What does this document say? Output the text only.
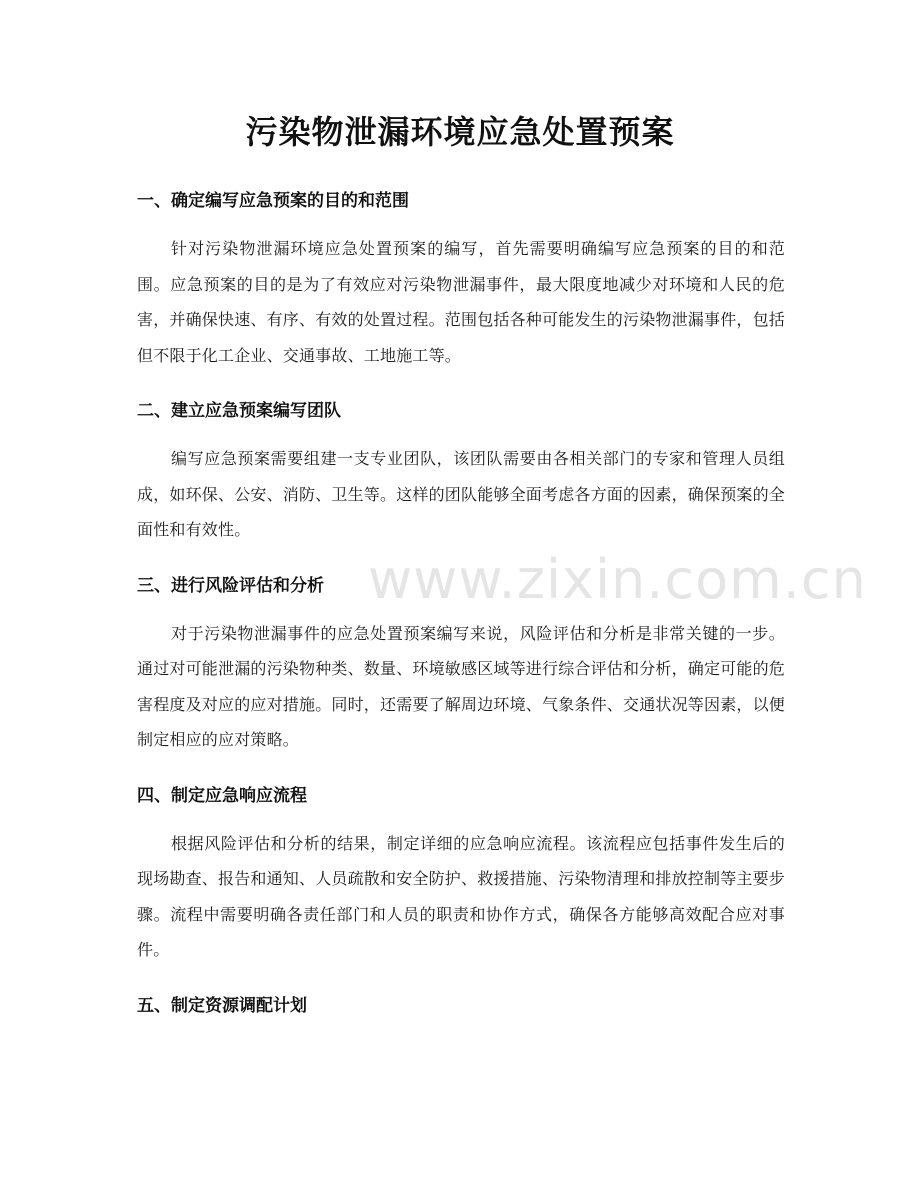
污染物泄漏环境应急处置预案
一、确定编写应急预案的目的和范围

针对污染物泄漏环境应急处置预案的编写，首先需要明确编写应急预案的目的和范围。应急预案的目的是为了有效应对污染物泄漏事件，最大限度地减少对环境和人民的危害，并确保快速、有序、有效的处置过程。范围包括各种可能发生的污染物泄漏事件，包括但不限于化工企业、交通事故、工地施工等。

二、建立应急预案编写团队

编写应急预案需要组建一支专业团队，该团队需要由各相关部门的专家和管理人员组成，如环保、公安、消防、卫生等。这样的团队能够全面考虑各方面的因素，确保预案的全面性和有效性。

三、进行风险评估和分析

对于污染物泄漏事件的应急处置预案编写来说，风险评估和分析是非常关键的一步。通过对可能泄漏的污染物种类、数量、环境敏感区域等进行综合评估和分析，确定可能的危害程度及对应的应对措施。同时，还需要了解周边环境、气象条件、交通状况等因素，以便制定相应的应对策略。

四、制定应急响应流程

根据风险评估和分析的结果，制定详细的应急响应流程。该流程应包括事件发生后的现场勘查、报告和通知、人员疏散和安全防护、救援措施、污染物清理和排放控制等主要步骤。流程中需要明确各责任部门和人员的职责和协作方式，确保各方能够高效配合应对事件。

五、制定资源调配计划
www.zixin.com.cn
